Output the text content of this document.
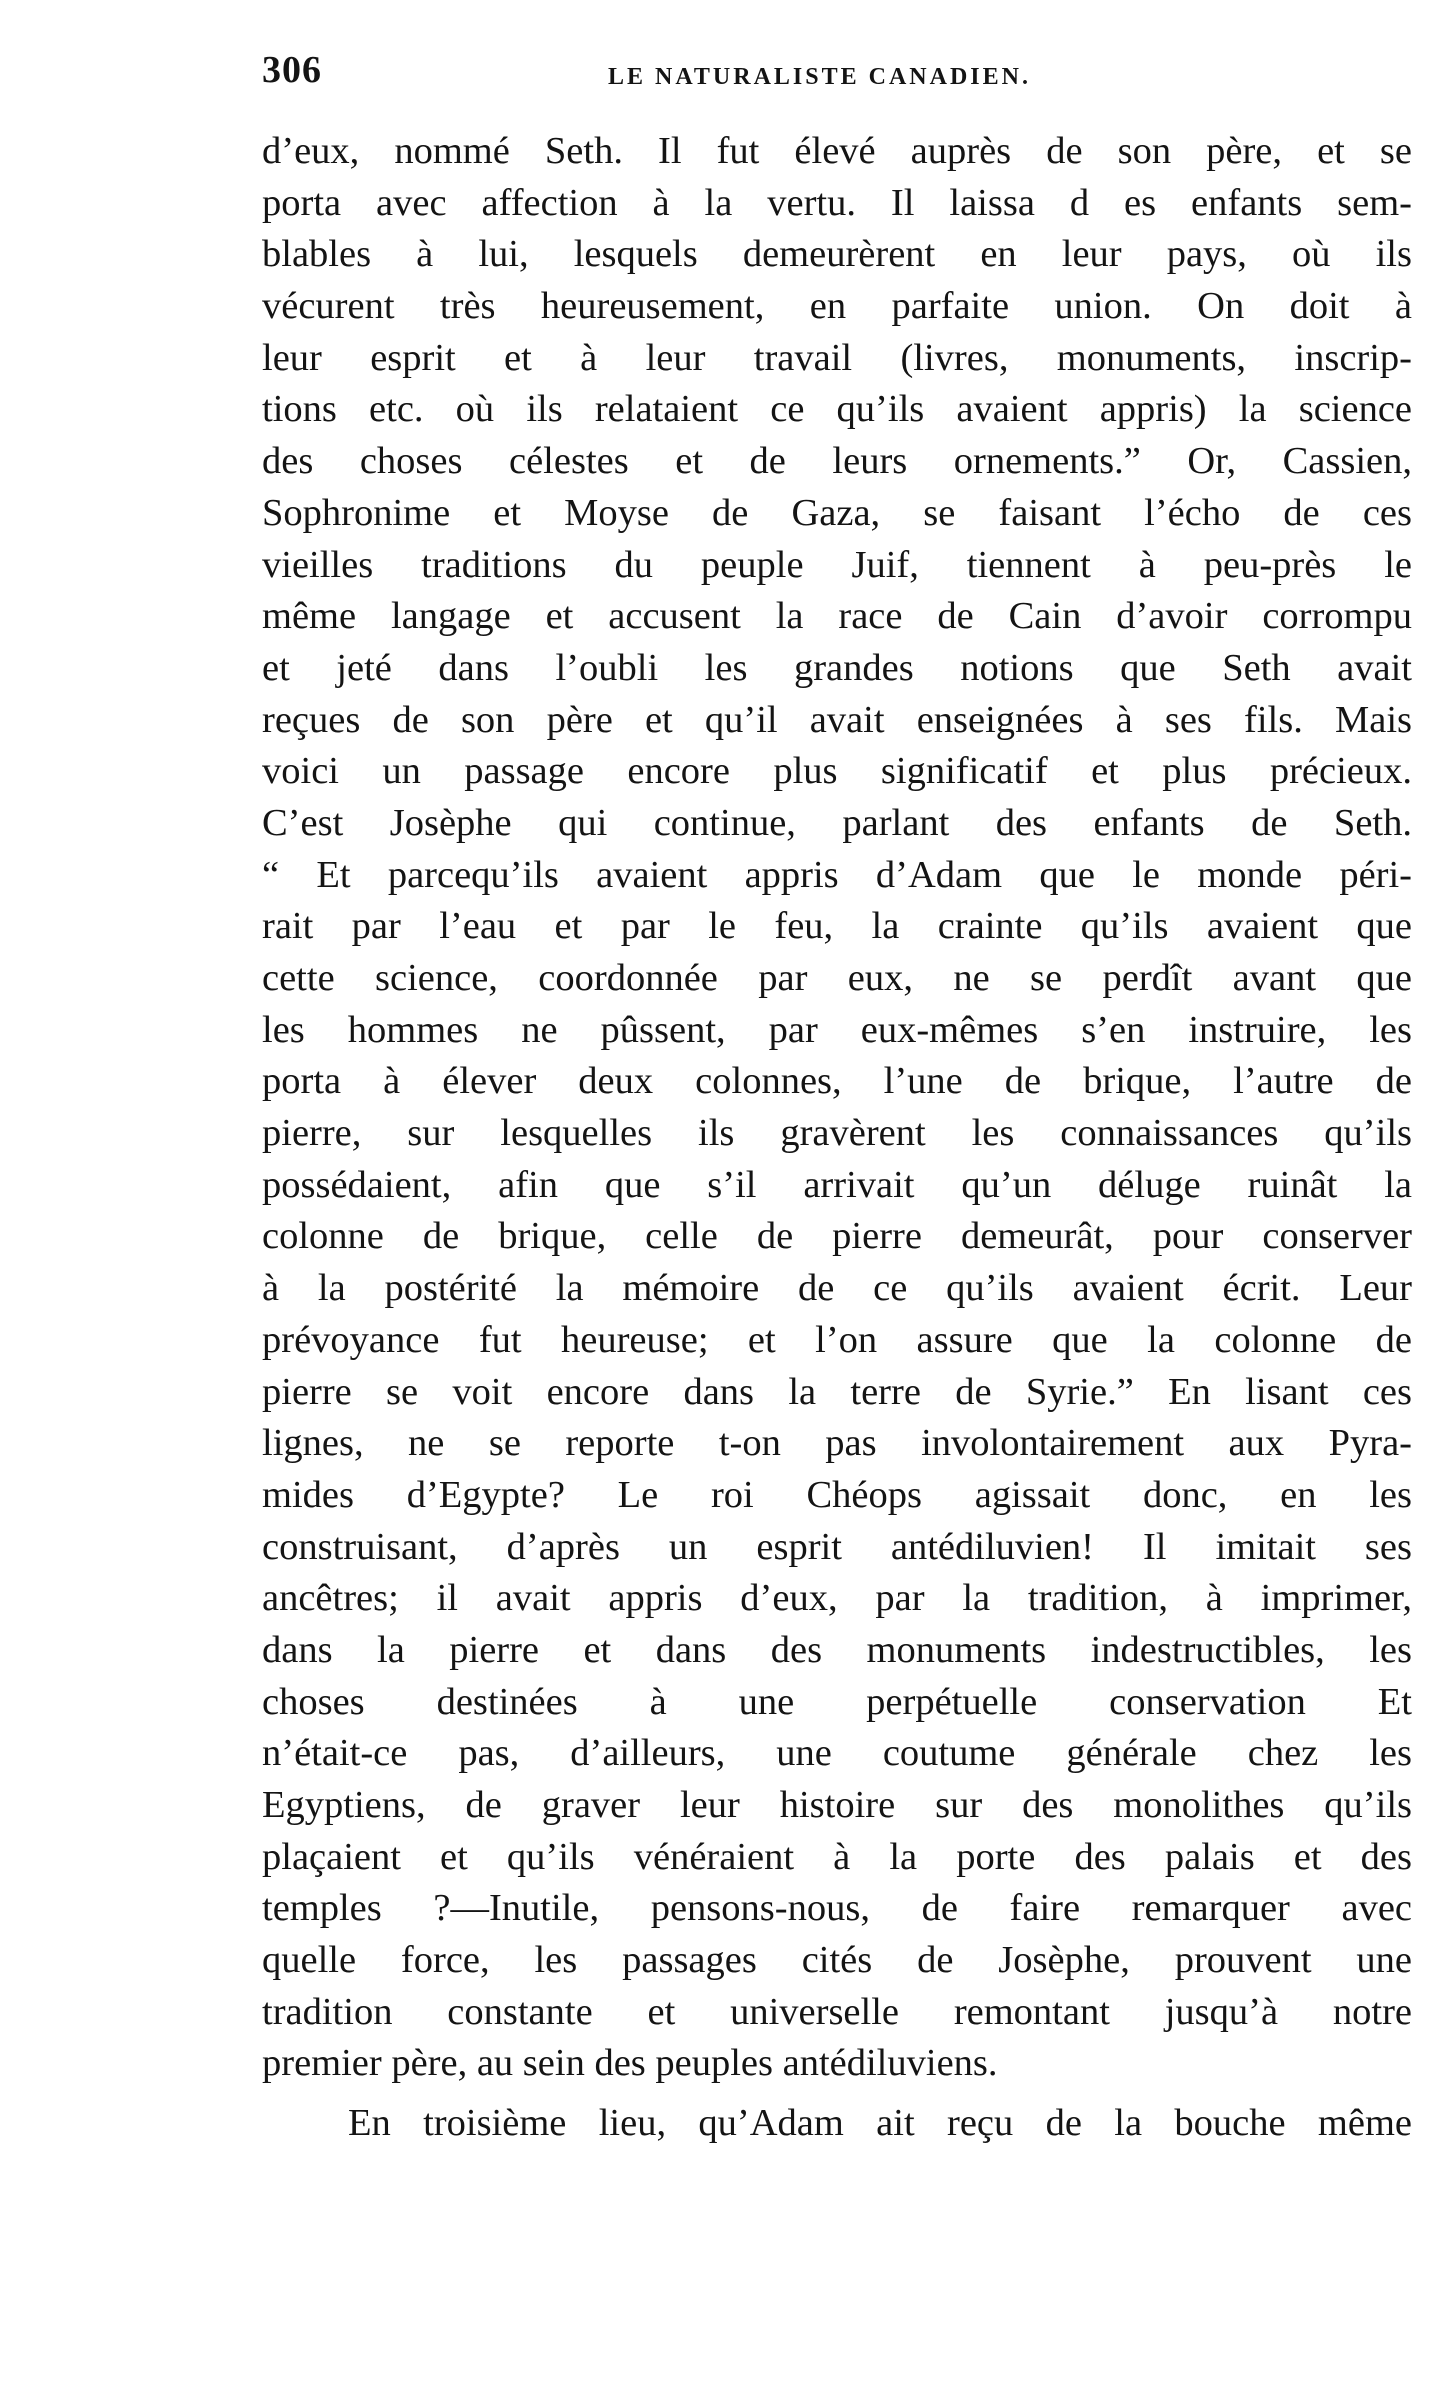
306	LE NATURALISTE CANADIEN.
d’eux, nommé Seth. Il fut élevé auprès de son père, et se
porta avec affection à la vertu. Il laissa d es enfants sem-
blables à lui, lesquels demeurèrent en leur pays, où ils
vécurent très heureusement, en parfaite union. On doit à
leur esprit et à leur travail (livres, monuments, inscrip-
tions etc. où ils relataient ce qu’ils avaient appris) la science
des choses célestes et de leurs ornements.” Or, Cassien,
Sophronime et Moyse de Gaza, se faisant l’écho de ces
vieilles traditions du peuple Juif, tiennent à peu-près le
même langage et accusent la race de Cain d’avoir corrompu
et jeté dans l’oubli les grandes notions que Seth avait
reçues de son père et qu’il avait enseignées à ses fils. Mais
voici un passage encore plus significatif et plus précieux.
C’est Josèphe qui continue, parlant des enfants de Seth.
“ Et parcequ’ils avaient appris d’Adam que le monde péri-
rait par l’eau et par le feu, la crainte qu’ils avaient que
cette science, coordonnée par eux, ne se perdît avant que
les hommes ne pûssent, par eux-mêmes s’en instruire, les
porta à élever deux colonnes, l’une de brique, l’autre de
pierre, sur lesquelles ils gravèrent les connaissances qu’ils
possédaient, afin que s’il arrivait qu’un déluge ruinât la
colonne de brique, celle de pierre demeurât, pour conserver
à la postérité la mémoire de ce qu’ils avaient écrit. Leur
prévoyance fut heureuse; et l’on assure que la colonne de
pierre se voit encore dans la terre de Syrie.” En lisant ces
lignes, ne se reporte t-on pas involontairement aux Pyra-
mides d’Egypte? Le roi Chéops agissait donc, en les
construisant, d’après un esprit antédiluvien! Il imitait ses
ancêtres; il avait appris d’eux, par la tradition, à imprimer,
dans la pierre et dans des monuments indestructibles, les
choses destinées à une perpétuelle conservation Et
n’était-ce pas, d’ailleurs, une coutume générale chez les
Egyptiens, de graver leur histoire sur des monolithes qu’ils
plaçaient et qu’ils vénéraient à la porte des palais et des
temples ?—Inutile, pensons-nous, de faire remarquer avec
quelle force, les passages cités de Josèphe, prouvent une
tradition constante et universelle remontant jusqu’à notre
premier père, au sein des peuples antédiluviens.
En troisième lieu, qu’Adam ait reçu de la bouche même
